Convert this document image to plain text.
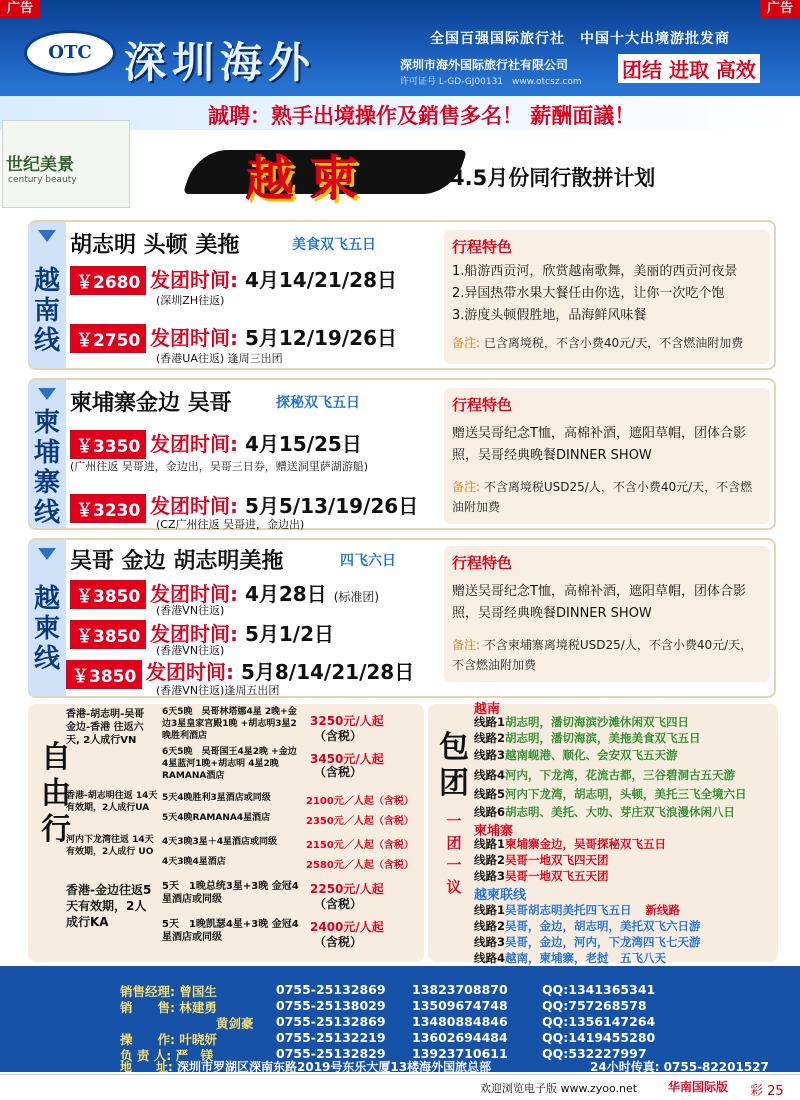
广告	广告
OTC 深圳海外	全国百强国际旅行社　中国十大出境游批发商
深圳市海外国际旅行社有限公司
许可证号 L-GD-GJ00131　www.otcsz.com 团结 进取 高效
誠聘：熟手出境操作及銷售多名！ 薪酬面議！
世纪美景
century beauty	越柬	4.5月份同行散拼计划
越南线
胡志明 头顿 美拖	美食双飞五日
￥2680 发团时间: 4月14/21/28日
(深圳ZH往返)
￥2750 发团时间: 5月12/19/26日
(香港UA往返) 逢周三出团
行程特色
1.船游西贡河，欣赏越南歌舞，美丽的西贡河夜景
2.异国热带水果大餐任由你选，让你一次吃个饱
3.游度头顿假胜地，品海鲜风味餐
备注: 已含离境税，不含小费40元/天，不含燃油附加费
柬埔寨线
柬埔寨金边 吴哥	探秘双飞五日
￥3350 发团时间: 4月15/25日
(广州往返 吴哥进，金边出，吴哥三日券，赠送洞里萨湖游船)
￥3230 发团时间: 5月5/13/19/26日
(CZ广州往返 吴哥进，金边出)
行程特色
赠送吴哥纪念T恤，高棉补酒，遮阳草帽，团体合影照，吴哥经典晚餐DINNER SHOW
备注: 不含离境税USD25/人，不含小费40元/天，不含燃油附加费
越柬线
吴哥 金边 胡志明美拖	四飞六日
￥3850 发团时间: 4月28日 (标准团)
(香港VN往返)
￥3850 发团时间: 5月1/2日
(香港VN往返)
￥3850 发团时间: 5月8/14/21/28日
(香港VN往返)逢周五出团
行程特色
赠送吴哥纪念T恤，高棉补酒，遮阳草帽，团体合影照，吴哥经典晚餐DINNER SHOW
备注: 不含柬埔寨离境税USD25/人，不含小费40元/天，不含燃油附加费
自由行
香港-胡志明-吴哥 金边-香港 往返六天, 2人成行VN
6天5晚　吴哥林塔娜4星 2晚+金边3星皇家宫殿1晚 +胡志明3星2晚胜利酒店
3250元/人起
（含税）
6天5晚　吴哥国王4星2晚 +金边4星蓝河1晚+胡志明 4星2晚RAMANA酒店
3450元/人起
（含税）
香港-胡志明往返 14天有效期，2人成行UA
5天4晚胜利3星酒店或同级	2100元／人起（含税）
5天4晚RAMANA4星酒店	2350元／人起（含税）
河内下龙湾往返 14天有效期，2人成行 UO
4天3晚3星＋4星酒店或同级	2150元／人起（含税）
4天3晚4星酒店	2580元／人起（含税）
香港-金边往返5天有效期，2人成行KA
5天　1晚总统3星+3晚 金冠4星酒店或同级
2250元/人起
（含税）
5天　1晚凯瑟4星+3晚 金冠4星酒店或同级
2400元/人起
（含税）
包团
一团一议
越南
线路1胡志明，潘切海滨沙滩休闲双飞四日
线路2胡志明，潘切海滨，美拖美食双飞五日
线路3越南岘港、顺化、会安双飞五天游
线路4河内，下龙湾，花流古都，三谷碧洞古五天游
线路5河内下龙湾，胡志明，头顿，美托三飞全境六日
线路6胡志明、美托、大叻、芽庄双飞浪漫休闲八日
柬埔寨
线路1柬埔寨金边，吴哥探秘双飞五日
线路2吴哥一地双飞四天团
线路3吴哥一地双飞五天团
越柬联线
线路1吴哥胡志明美托四飞五日 新线路
线路2吴哥，金边，胡志明，美托双飞六日游
线路3吴哥，金边，河内，下龙湾四飞七天游
线路4越南，柬埔寨，老挝　五飞八天
销售经理: 曾国生	0755-25132869 13823708870	QQ:1341365341
销　　售: 林建勇	0755-25138029 13509674748	QQ:757268578
黄剑豪 0755-25132869 13480884846	QQ:1356147264
操　　作: 叶晓妍	0755-25132219 13602694484	QQ:1419455280
负 责 人: 严　镁	0755-25132829 13923710611	QQ:532227997
地　　址: 深圳市罗湖区深南东路2019号东乐大厦13楼海外国旅总部	24小时传真: 0755-82201527
欢迎浏览电子版 www.zyoo.net	华南国际版 彩 25
